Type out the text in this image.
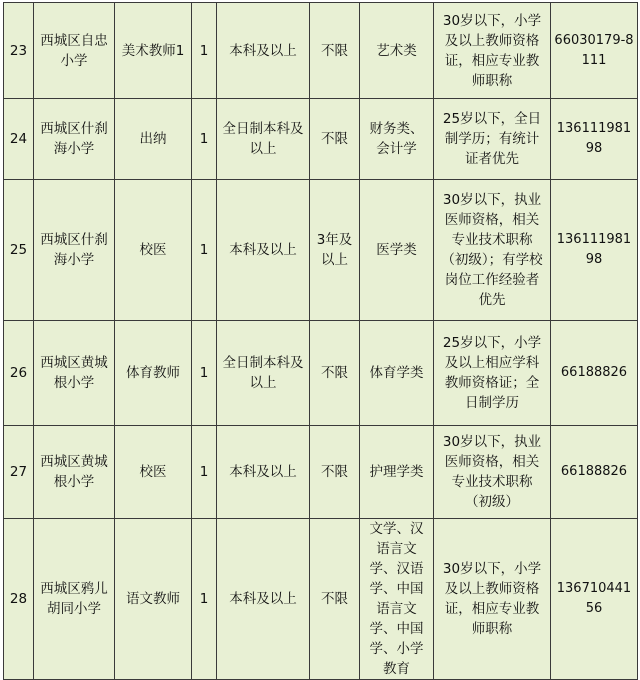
23	西城区自忠小学	美术教师1	1	本科及以上	不限	艺术类	30岁以下，小学及以上教师资格证，相应专业教师职称	66030179-8111
24	西城区什刹海小学	出纳	1	全日制本科及以上	不限	财务类、会计学	25岁以下，全日制学历；有统计证者优先	13611198198
25	西城区什刹海小学	校医	1	本科及以上	3年及以上	医学类	30岁以下，执业医师资格，相关专业技术职称（初级）；有学校岗位工作经验者优先	13611198198
26	西城区黄城根小学	体育教师	1	全日制本科及以上	不限	体育学类	25岁以下，小学及以上相应学科教师资格证；全日制学历	66188826
27	西城区黄城根小学	校医	1	本科及以上	不限	护理学类	30岁以下，执业医师资格，相关专业技术职称（初级）	66188826
28	西城区鸦儿胡同小学	语文教师	1	本科及以上	不限	文学、汉语言文学、汉语学、中国语言文学、中国学、小学教育	30岁以下，小学及以上教师资格证，相应专业教师职称	13671044156
